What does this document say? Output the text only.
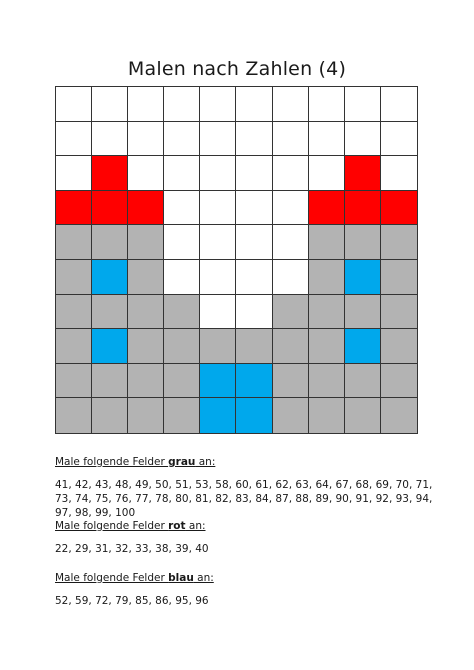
Malen nach Zahlen (4)
Male folgende Felder grau an:
41, 42, 43, 48, 49, 50, 51, 53, 58, 60, 61, 62, 63, 64, 67, 68, 69, 70, 71, 73, 74, 75, 76, 77, 78, 80, 81, 82, 83, 84, 87, 88, 89, 90, 91, 92, 93, 94, 97, 98, 99, 100
Male folgende Felder rot an:
22, 29, 31, 32, 33, 38, 39, 40
Male folgende Felder blau an:
52, 59, 72, 79, 85, 86, 95, 96
